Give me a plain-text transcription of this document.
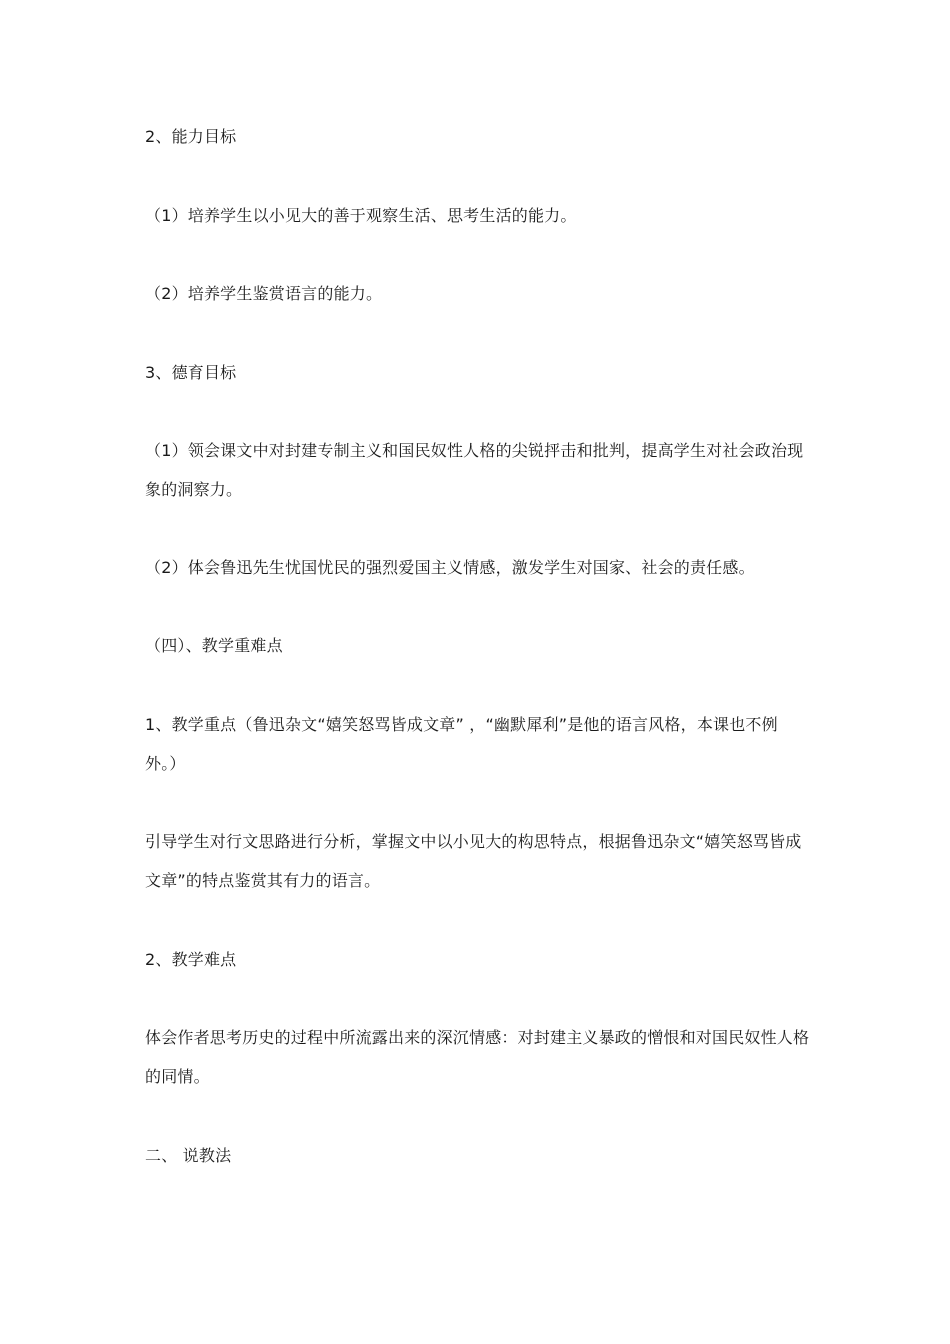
2、能力目标

（1）培养学生以小见大的善于观察生活、思考生活的能力。

（2）培养学生鉴赏语言的能力。

3、德育目标

（1）领会课文中对封建专制主义和国民奴性人格的尖锐抨击和批判，提高学生对社会政治现象的洞察力。

（2）体会鲁迅先生忧国忧民的强烈爱国主义情感，激发学生对国家、社会的责任感。

（四）、教学重难点

1、教学重点（鲁迅杂文“嬉笑怒骂皆成文章” ，“幽默犀利”是他的语言风格，本课也不例外。）

引导学生对行文思路进行分析，掌握文中以小见大的构思特点，根据鲁迅杂文“嬉笑怒骂皆成文章”的特点鉴赏其有力的语言。

2、教学难点

体会作者思考历史的过程中所流露出来的深沉情感：对封建主义暴政的憎恨和对国民奴性人格的同情。

二、 说教法
